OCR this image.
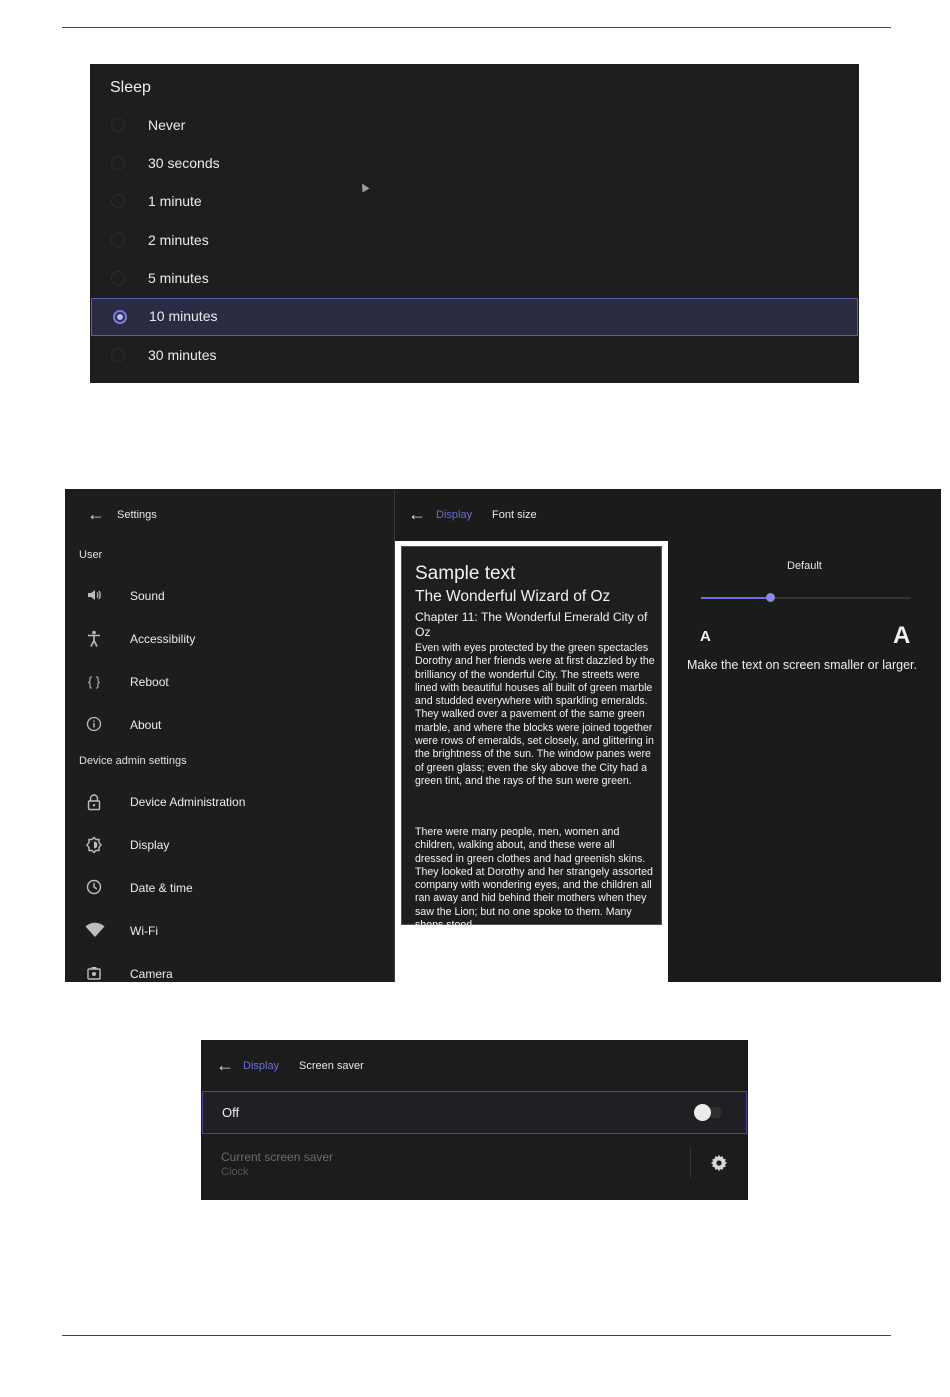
Sleep
Never
30 seconds
1 minute
2 minutes
5 minutes
10 minutes
30 minutes
← Settings
User
Sound
Accessibility
{ } Reboot
About
Device admin settings
Device Administration
Display
Date & time
Wi-Fi
Camera
← Display Font size
Sample text
The Wonderful Wizard of Oz
Chapter 11: The Wonderful Emerald City of Oz
Even with eyes protected by the green spectacles Dorothy and her friends were at first dazzled by the brilliancy of the wonderful City. The streets were lined with beautiful houses all built of green marble and studded everywhere with sparkling emeralds. They walked over a pavement of the same green marble, and where the blocks were joined together were rows of emeralds, set closely, and glittering in the brightness of the sun. The window panes were of green glass; even the sky above the City had a green tint, and the rays of the sun were green.
There were many people, men, women and children, walking about, and these were all dressed in green clothes and had greenish skins. They looked at Dorothy and her strangely assorted company with wondering eyes, and the children all ran away and hid behind their mothers when they saw the Lion; but no one spoke to them. Many shops stood
Default
A	A
Make the text on screen smaller or larger.
← Display Screen saver
Off
Current screen saver
Clock
